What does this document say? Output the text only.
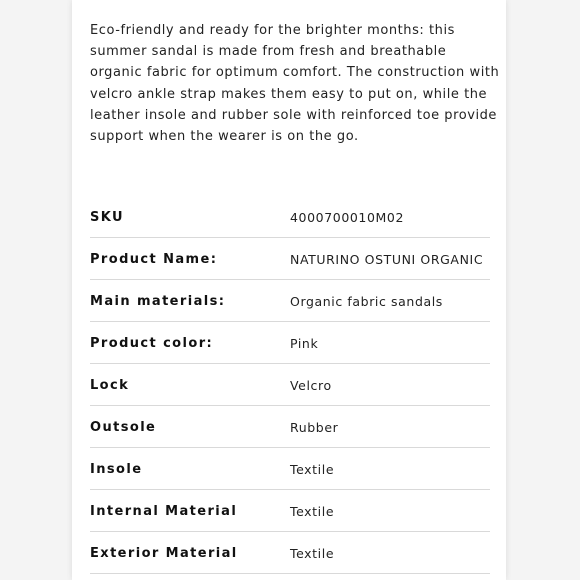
Eco-friendly and ready for the brighter months: this summer sandal is made from fresh and breathable organic fabric for optimum comfort. The construction with velcro ankle strap makes them easy to put on, while the leather insole and rubber sole with reinforced toe provide support when the wearer is on the go.

SKU	4000700010M02
Product Name:	NATURINO OSTUNI ORGANIC
Main materials:	Organic fabric sandals
Product color:	Pink
Lock	Velcro
Outsole	Rubber
Insole	Textile
Internal Material	Textile
Exterior Material	Textile
